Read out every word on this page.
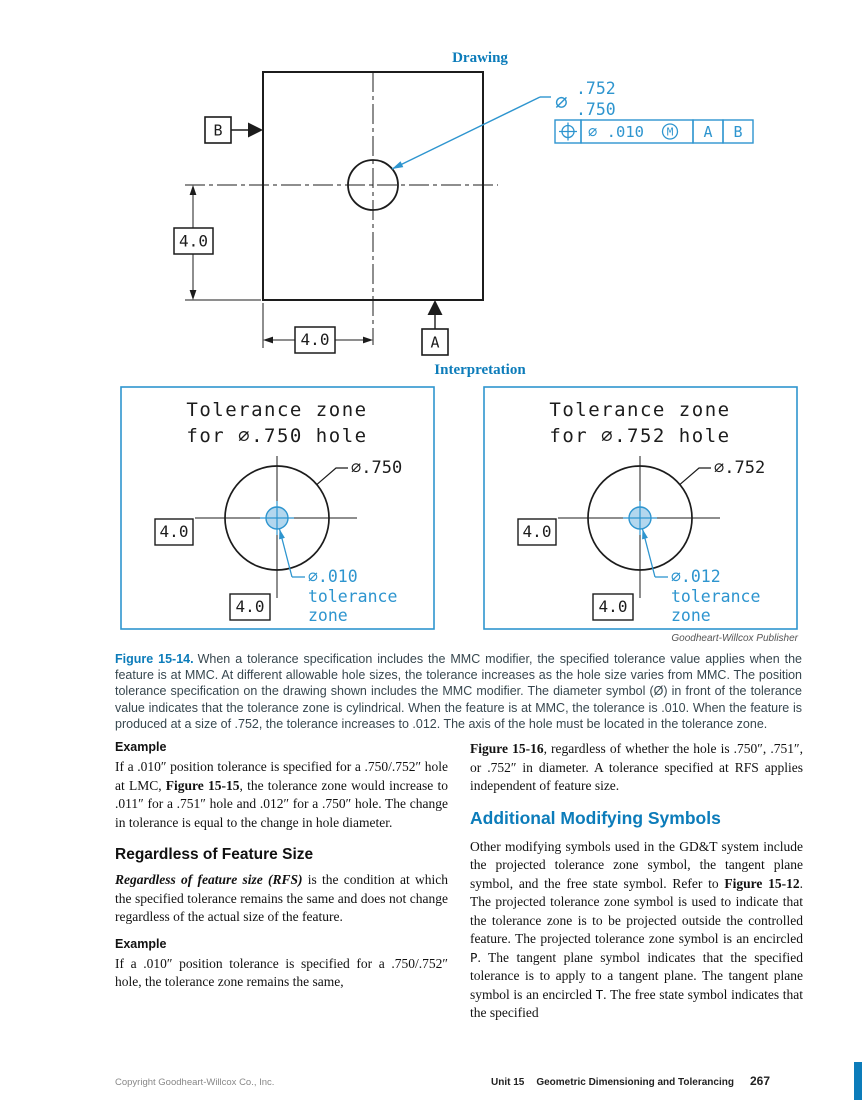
Drawing
4.0
4.0
B
A
⌀
.752
.750
⌀ .010 M A B
Interpretation
Tolerance zone
for ⌀.750 hole
⌀.750
⌀.010
tolerance
zone
4.0
4.0
Tolerance zone
for ⌀.752 hole
⌀.752
⌀.012
tolerance
zone
4.0
4.0
Goodheart-Willcox Publisher
Figure 15-14. When a tolerance specification includes the MMC modifier, the specified tolerance value applies when the feature is at MMC. At different allowable hole sizes, the tolerance increases as the hole size varies from MMC. The position tolerance specification on the drawing shown includes the MMC modifier. The diameter symbol (Ø) in front of the tolerance value indicates that the tolerance zone is cylindrical. When the feature is at MMC, the tolerance is .010. When the feature is produced at a size of .752, the tolerance increases to .012. The axis of the hole must be located in the tolerance zone.
Example

If a .010″ position tolerance is specified for a .750/.752″ hole at LMC, Figure 15-15, the tolerance zone would increase to .011″ for a .751″ hole and .012″ for a .750″ hole. The change in tolerance is equal to the change in hole diameter.

Regardless of Feature Size

Regardless of feature size (RFS) is the condition at which the specified tolerance remains the same and does not change regardless of the actual size of the feature.

Example

If a .010″ position tolerance is specified for a .750/.752″ hole, the tolerance zone remains the same,

Figure 15-16, regardless of whether the hole is .750″, .751″, or .752″ in diameter. A tolerance specified at RFS applies independent of feature size.

Additional Modifying Symbols

Other modifying symbols used in the GD&T system include the projected tolerance zone symbol, the tangent plane symbol, and the free state symbol. Refer to Figure 15-12. The projected tolerance zone symbol is used to indicate that the tolerance zone is to be projected outside the controlled feature. The projected tolerance zone symbol is an encircled P. The tangent plane symbol indicates that the specified tolerance is to apply to a tangent plane. The tangent plane symbol is an encircled T. The free state symbol indicates that the specified

Copyright Goodheart-Willcox Co., Inc.	Unit 15 Geometric Dimensioning and Tolerancing 267
